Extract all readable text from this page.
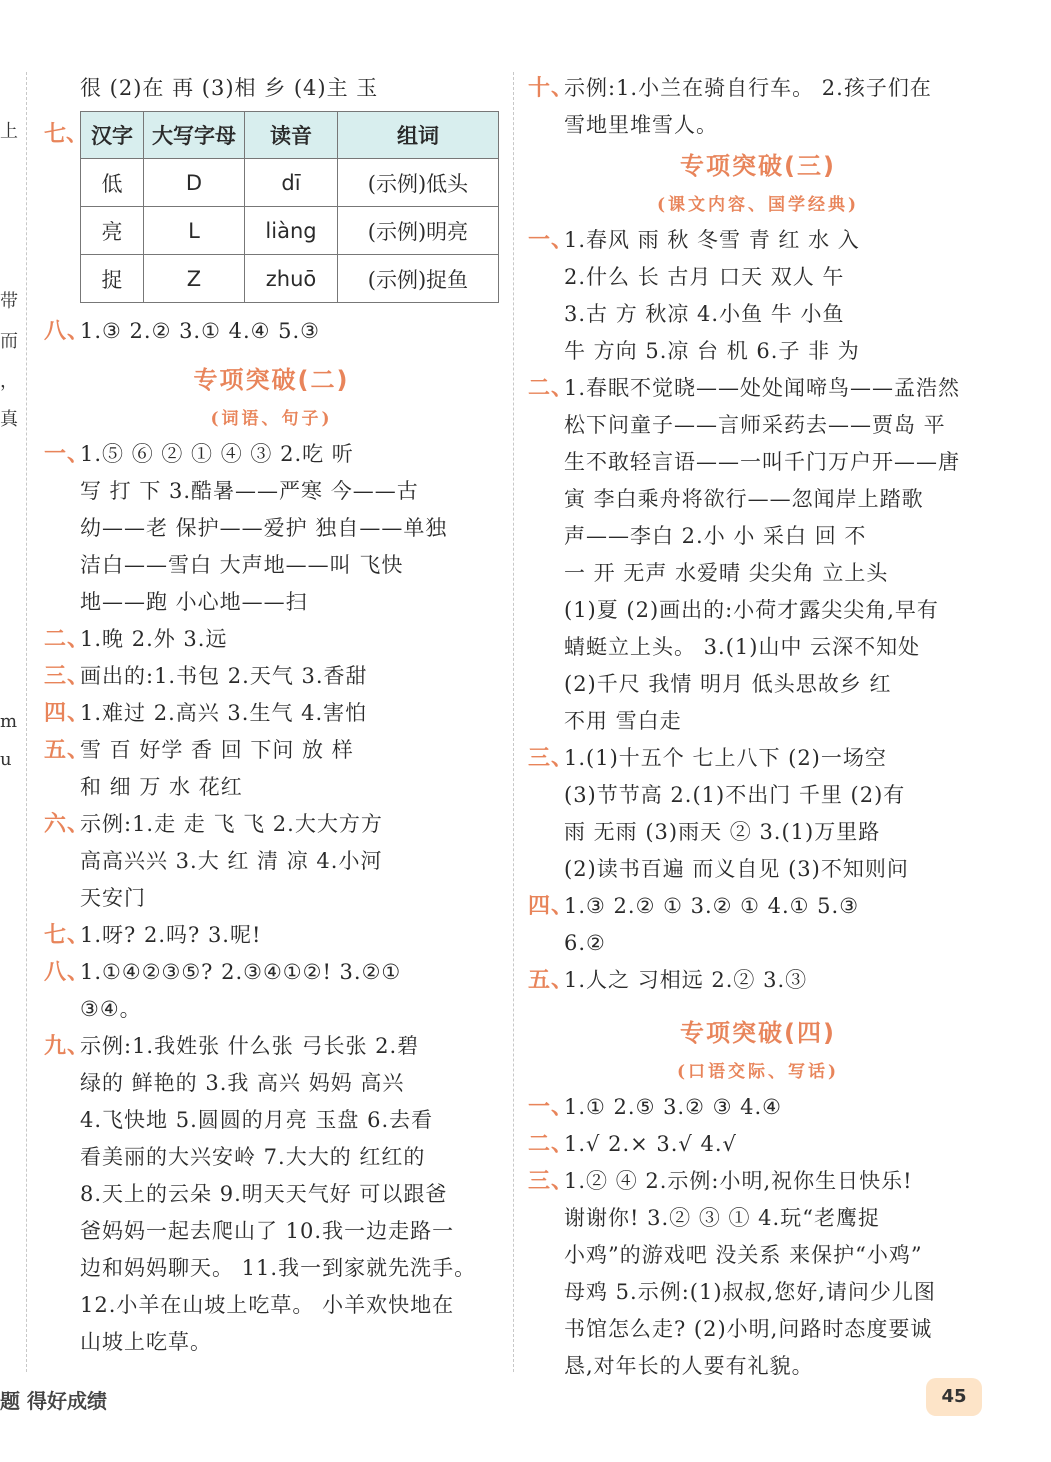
上
带
而
，
真
m
u
很 (2)在 再 (3)相 乡 (4)主 玉
七、 汉字	大写字母	读音	组词
低	D	dī	(示例)低头
亮	L	liàng	(示例)明亮
捉	Z	zhuō	(示例)捉鱼
八、
1.③ 2.② 3.① 4.④ 5.③
专项突破(二)
(词语、句子)
一、
1.⑤ ⑥ ② ① ④ ③ 2.吃 听
写 打 下 3.酷暑——严寒 今——古
幼——老 保护——爱护 独自——单独
洁白——雪白 大声地——叫 飞快
地——跑 小心地——扫
二、
1.晚 2.外 3.远
三、
画出的:1.书包 2.天气 3.香甜
四、
1.难过 2.高兴 3.生气 4.害怕
五、
雪 百 好学 香 回 下问 放 样
和 细 万 水 花红
六、
示例:1.走 走 飞 飞 2.大大方方
高高兴兴 3.大 红 清 凉 4.小河
天安门
七、
1.呀? 2.吗? 3.呢!
八、
1.①④②③⑤? 2.③④①②! 3.②①
③④。
九、
示例:1.我姓张 什么张 弓长张 2.碧
绿的 鲜艳的 3.我 高兴 妈妈 高兴
4.飞快地 5.圆圆的月亮 玉盘 6.去看
看美丽的大兴安岭 7.大大的 红红的
8.天上的云朵 9.明天天气好 可以跟爸
爸妈妈一起去爬山了 10.我一边走路一
边和妈妈聊天。 11.我一到家就先洗手。
12.小羊在山坡上吃草。 小羊欢快地在
山坡上吃草。
十、
示例:1.小兰在骑自行车。 2.孩子们在
雪地里堆雪人。
专项突破(三)
(课文内容、国学经典)
一、
1.春风 雨 秋 冬雪 青 红 水 入
2.什么 长 古月 口天 双人 午
3.古 方 秋凉 4.小鱼 牛 小鱼
牛 方向 5.凉 台 机 6.子 非 为
二、
1.春眠不觉晓——处处闻啼鸟——孟浩然
松下问童子——言师采药去——贾岛 平
生不敢轻言语——一叫千门万户开——唐
寅 李白乘舟将欲行——忽闻岸上踏歌
声——李白 2.小 小 采白 回 不
一 开 无声 水爱晴 尖尖角 立上头
(1)夏 (2)画出的:小荷才露尖尖角,早有
蜻蜓立上头。 3.(1)山中 云深不知处
(2)千尺 我情 明月 低头思故乡 红
不用 雪白走
三、
1.(1)十五个 七上八下 (2)一场空
(3)节节高 2.(1)不出门 千里 (2)有
雨 无雨 (3)雨天 ② 3.(1)万里路
(2)读书百遍 而义自见 (3)不知则问
四、
1.③ 2.② ① 3.② ① 4.① 5.③
6.②
五、
1.人之 习相远 2.② 3.③
专项突破(四)
(口语交际、写话)
一、
1.① 2.⑤ 3.② ③ 4.④
二、
1.√ 2.× 3.√ 4.√
三、
1.② ④ 2.示例:小明,祝你生日快乐!
谢谢你! 3.② ③ ① 4.玩“老鹰捉
小鸡”的游戏吧 没关系 来保护“小鸡”
母鸡 5.示例:(1)叔叔,您好,请问少儿图
书馆怎么走? (2)小明,问路时态度要诚
恳,对年长的人要有礼貌。
题 得好成绩	45
